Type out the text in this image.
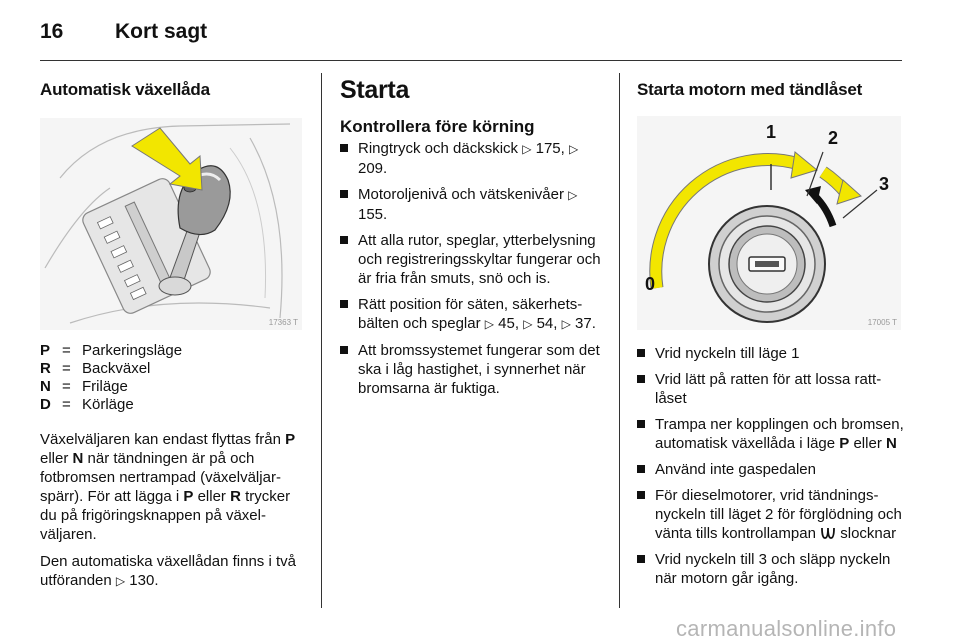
16 Kort sagt
Automatisk växellåda
17363 T
P = Parkeringsläge
R = Backväxel
N = Friläge
D = Körläge

Växelväljaren kan endast flyttas från P eller N när tändningen är på och fotbromsen nertrampad (växelväljarspärr). För att lägga i P eller R trycker du på frigöringsknappen på växelväljaren.

Den automatiska växellådan finns i två utföranden ▷ 130.

Starta
Kontrollera före körning
Ringtryck och däckskick ▷ 175, ▷ 209.
Motoroljenivå och vätskenivåer ▷ 155.
Att alla rutor, speglar, ytterbelysning och registreringsskyltar fungerar och är fria från smuts, snö och is.
Rätt position för säten, säkerhetsbälten och speglar ▷ 45, ▷ 54, ▷ 37.
Att bromssystemet fungerar som det ska i låg hastighet, i synnerhet när bromsarna är fuktiga.
Starta motorn med tändlåset
1	2
3
0
17005 T
Vrid nyckeln till läge 1
Vrid lätt på ratten för att lossa rattlåset
Trampa ner kopplingen och bromsen, automatisk växellåda i läge P eller N
Använd inte gaspedalen
För dieselmotorer, vrid tändningsnyckeln till läget 2 för förglödning och vänta tills kontrollampan  slocknar
Vrid nyckeln till 3 och släpp nyckeln när motorn går igång.
carmanualsonline.info
